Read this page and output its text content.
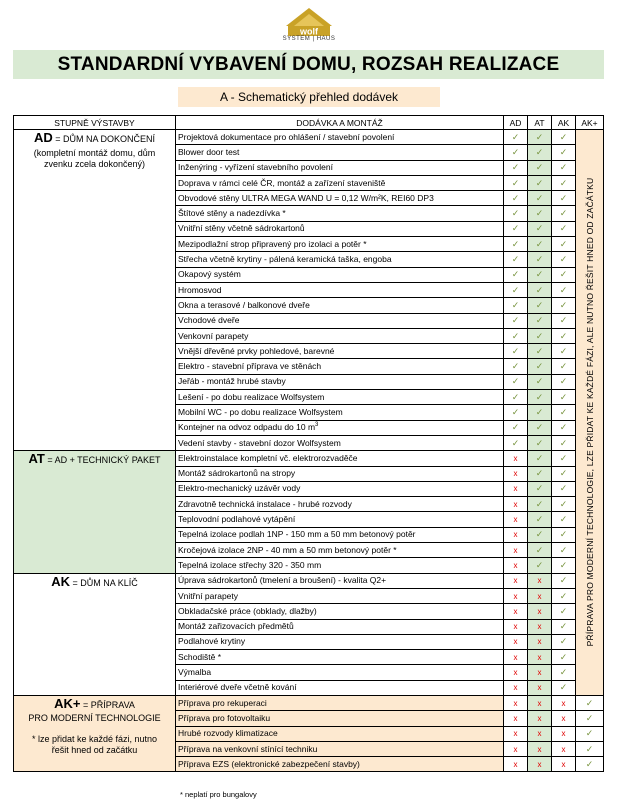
wolf
SYSTEM | HAUS
STANDARDNÍ VYBAVENÍ DOMU, ROZSAH REALIZACE
A - Schematický přehled dodávek
STUPNĚ VÝSTAVBY	DODÁVKA A MONTÁŽ	AD	AT	AK	AK+

AD = DŮM NA DOKONČENÍ
(kompletní montáž domu, dům zvenku zcela dokončený)	Projektová dokumentace pro ohlášení / stavební povolení	✓	✓	✓	PŘÍPRAVA PRO MODERNÍ TECHNOLOGIE, LZE PŘIDAT KE KAŽDÉ FÁZI, ALE NUTNO ŘEŠIT HNED OD ZAČÁTKU

	Blower door test	✓	✓	✓	
	Inženýring - vyřízení stavebního povolení	✓	✓	✓	
	Doprava v rámci celé ČR, montáž a zařízení staveniště	✓	✓	✓	
	Obvodové stěny ULTRA MEGA WAND U = 0,12 W/m²K, REI60 DP3	✓	✓	✓	
	Štítové stěny a nadezdívka *	✓	✓	✓	
	Vnitřní stěny včetně sádrokartonů	✓	✓	✓	
	Mezipodlažní strop připravený pro izolaci a potěr *	✓	✓	✓	
	Střecha včetně krytiny - pálená keramická taška, engoba	✓	✓	✓	
	Okapový systém	✓	✓	✓	
	Hromosvod	✓	✓	✓	
	Okna a terasové / balkonové dveře	✓	✓	✓	
	Vchodové dveře	✓	✓	✓	
	Venkovní parapety	✓	✓	✓	
	Vnější dřevěné prvky pohledové, barevné	✓	✓	✓	
	Elektro - stavební příprava ve stěnách	✓	✓	✓	
	Jeřáb - montáž hrubé stavby	✓	✓	✓	
	Lešení - po dobu realizace Wolfsystem	✓	✓	✓	
	Mobilní WC - po dobu realizace Wolfsystem	✓	✓	✓	
	Kontejner na odvoz odpadu do 10 $m^3$	✓	✓	✓	
	Vedení stavby - stavební dozor Wolfsystem	✓	✓	✓	

AT = AD + TECHNICKÝ PAKET	Elektroinstalace kompletní vč. elektrorozvaděče	x	✓	✓	
	Montáž sádrokartonů na stropy	x	✓	✓	
	Elektro-mechanický uzávěr vody	x	✓	✓	
	Zdravotně technická instalace - hrubé rozvody	x	✓	✓	
	Teplovodní podlahové vytápění	x	✓	✓	
	Tepelná izolace podlah 1NP - 150 mm a 50 mm betonový potěr	x	✓	✓	
	Kročejová izolace 2NP - 40 mm a 50 mm betonový potěr *	x	✓	✓	
	Tepelná izolace střechy 320 - 350 mm	x	✓	✓	

AK = DŮM NA KLÍČ	Úprava sádrokartonů (tmelení a broušení) - kvalita Q2+	x	x	✓	
	Vnitřní parapety	x	x	✓	
	Obkladačské práce (obklady, dlažby)	x	x	✓	
	Montáž zařizovacích předmětů	x	x	✓	
	Podlahové krytiny	x	x	✓	
	Schodiště *	x	x	✓	
	Výmalba	x	x	✓	
	Interiérové dveře včetně kování	x	x	✓	

AK+ = PŘÍPRAVA
PRO MODERNÍ TECHNOLOGIE
* lze přidat ke každé fázi, nutno řešit hned od začátku	Příprava pro rekuperaci	x	x	x	✓
	Příprava pro fotovoltaiku	x	x	x	✓
	Hrubé rozvody klimatizace	x	x	x	✓
	Příprava na venkovní stínící techniku	x	x	x	✓
	Příprava EZS (elektronické zabezpečení stavby)	x	x	x	✓
* neplatí pro bungalovy
